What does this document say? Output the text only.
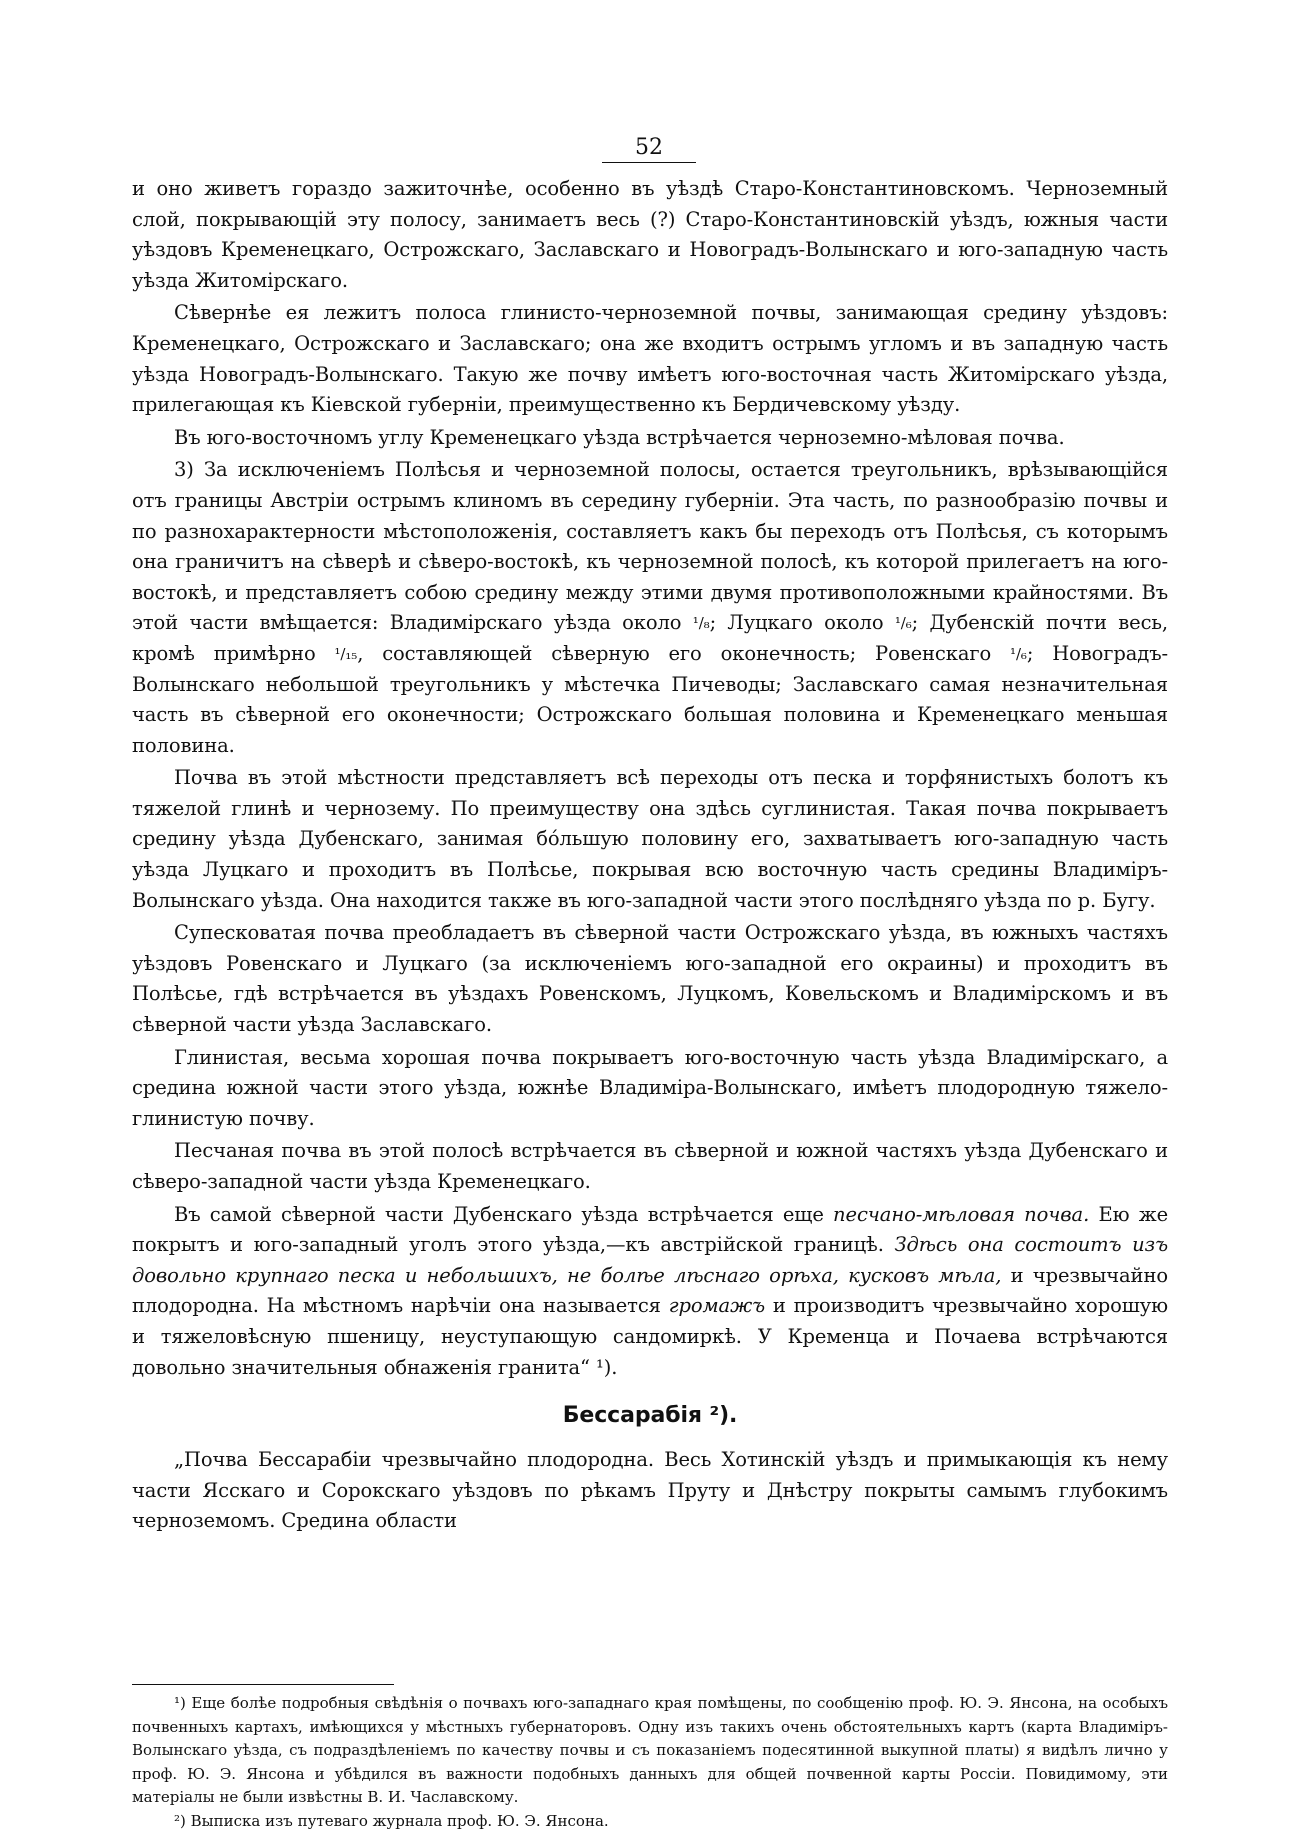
52

и оно живетъ гораздо зажиточнѣе, особенно въ уѣздѣ Старо-Константиновскомъ. Черноземный слой, покрывающій эту полосу, занимаетъ весь (?) Старо-Константиновскій уѣздъ, южныя части уѣздовъ Кременецкаго, Острожскаго, Заславскаго и Новоградъ-Волынскаго и юго-западную часть уѣзда Житомірскаго.

Сѣвернѣе ея лежитъ полоса глинисто-черноземной почвы, занимающая средину уѣздовъ: Кременецкаго, Острожскаго и Заславскаго; она же входитъ острымъ угломъ и въ западную часть уѣзда Новоградъ-Волынскаго. Такую же почву имѣетъ юго-восточная часть Житомірскаго уѣзда, прилегающая къ Кіевской губерніи, преимущественно къ Бердичевскому уѣзду.

Въ юго-восточномъ углу Кременецкаго уѣзда встрѣчается черноземно-мѣловая почва.

3) За исключеніемъ Полѣсья и черноземной полосы, остается треугольникъ, врѣзывающійся отъ границы Австріи острымъ клиномъ въ середину губерніи. Эта часть, по разнообразію почвы и по разнохарактерности мѣстоположенія, составляетъ какъ бы переходъ отъ Полѣсья, съ которымъ она граничитъ на сѣверѣ и сѣверо-востокѣ, къ черноземной полосѣ, къ которой прилегаетъ на юго-востокѣ, и представляетъ собою средину между этими двумя противоположными крайностями. Въ этой части вмѣщается: Владимірскаго уѣзда около ¹/₈; Луцкаго около ¹/₆; Дубенскій почти весь, кромѣ примѣрно ¹/₁₅, составляющей сѣверную его оконечность; Ровенскаго ¹/₆; Новоградъ-Волынскаго небольшой треугольникъ у мѣстечка Пичеводы; Заславскаго самая незначительная часть въ сѣверной его оконечности; Острожскаго большая половина и Кременецкаго меньшая половина.

Почва въ этой мѣстности представляетъ всѣ переходы отъ песка и торфянистыхъ болотъ къ тяжелой глинѣ и чернозему. По преимуществу она здѣсь суглинистая. Такая почва покрываетъ средину уѣзда Дубенскаго, занимая бо́льшую половину его, захватываетъ юго-западную часть уѣзда Луцкаго и проходитъ въ Полѣсье, покрывая всю восточную часть средины Владиміръ-Волынскаго уѣзда. Она находится также въ юго-западной части этого послѣдняго уѣзда по р. Бугу.

Супесковатая почва преобладаетъ въ сѣверной части Острожскаго уѣзда, въ южныхъ частяхъ уѣздовъ Ровенскаго и Луцкаго (за исключеніемъ юго-западной его окраины) и проходитъ въ Полѣсье, гдѣ встрѣчается въ уѣздахъ Ровенскомъ, Луцкомъ, Ковельскомъ и Владимірскомъ и въ сѣверной части уѣзда Заславскаго.

Глинистая, весьма хорошая почва покрываетъ юго-восточную часть уѣзда Владимірскаго, а средина южной части этого уѣзда, южнѣе Владиміра-Волынскаго, имѣетъ плодородную тяжело-глинистую почву.

Песчаная почва въ этой полосѣ встрѣчается въ сѣверной и южной частяхъ уѣзда Дубенскаго и сѣверо-западной части уѣзда Кременецкаго.

Въ самой сѣверной части Дубенскаго уѣзда встрѣчается еще песчано-мѣловая почва. Ею же покрытъ и юго-западный уголъ этого уѣзда,—къ австрійской границѣ. Здѣсь она состоитъ изъ довольно крупнаго песка и небольшихъ, не болѣе лѣснаго орѣха, кусковъ мѣла, и чрезвычайно плодородна. На мѣстномъ нарѣчіи она называется громажъ и производитъ чрезвычайно хорошую и тяжеловѣсную пшеницу, неуступающую сандомиркѣ. У Кременца и Почаева встрѣчаются довольно значительныя обнаженія гранита“ ¹).

Бессарабія ²).

„Почва Бессарабіи чрезвычайно плодородна. Весь Хотинскій уѣздъ и примыкающія къ нему части Ясскаго и Сорокскаго уѣздовъ по рѣкамъ Пруту и Днѣстру покрыты самымъ глубокимъ черноземомъ. Средина области

¹) Еще болѣе подробныя свѣдѣнія о почвахъ юго-западнаго края помѣщены, по сообщенію проф. Ю. Э. Янсона, на особыхъ почвенныхъ картахъ, имѣющихся у мѣстныхъ губернаторовъ. Одну изъ такихъ очень обстоятельныхъ картъ (карта Владиміръ-Волынскаго уѣзда, съ подраздѣленіемъ по качеству почвы и съ показаніемъ подесятинной выкупной платы) я видѣлъ лично у проф. Ю. Э. Янсона и убѣдился въ важности подобныхъ данныхъ для общей почвенной карты Россіи. Повидимому, эти матеріалы не были извѣстны В. И. Чаславскому.

²) Выписка изъ путеваго журнала проф. Ю. Э. Янсона.
